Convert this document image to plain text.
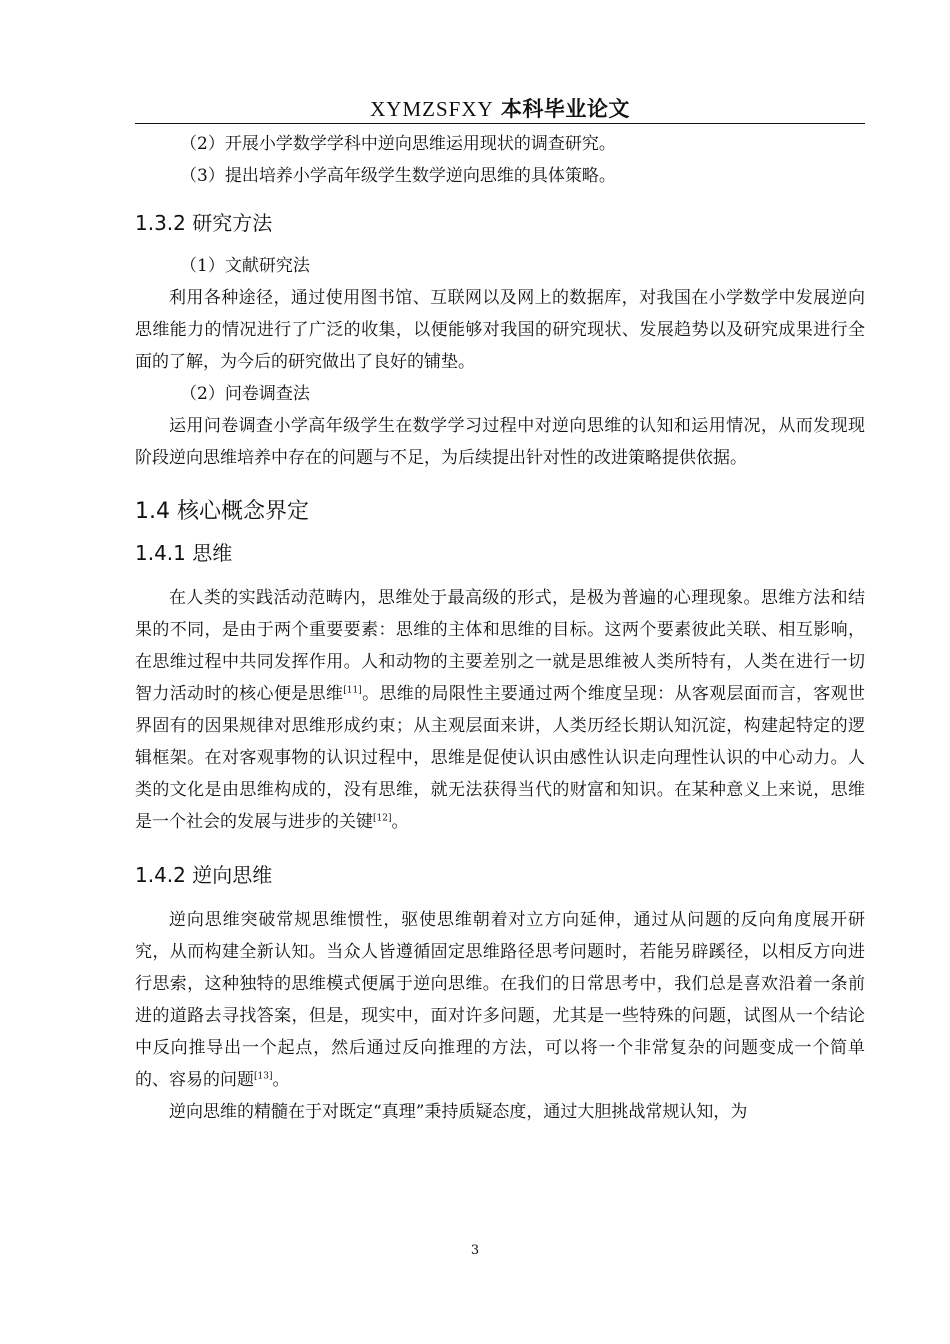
XYMZSFXY 本科毕业论文

（2）开展小学数学学科中逆向思维运用现状的调查研究。

（3）提出培养小学高年级学生数学逆向思维的具体策略。

1.3.2 研究方法

（1）文献研究法

利用各种途径，通过使用图书馆、互联网以及网上的数据库，对我国在小学数学中发展逆向思维能力的情况进行了广泛的收集，以便能够对我国的研究现状、发展趋势以及研究成果进行全面的了解，为今后的研究做出了良好的铺垫。

（2）问卷调查法

运用问卷调查小学高年级学生在数学学习过程中对逆向思维的认知和运用情况，从而发现现阶段逆向思维培养中存在的问题与不足，为后续提出针对性的改进策略提供依据。

1.4 核心概念界定
1.4.1 思维

在人类的实践活动范畴内，思维处于最高级的形式，是极为普遍的心理现象。思维方法和结果的不同，是由于两个重要要素：思维的主体和思维的目标。这两个要素彼此关联、相互影响，在思维过程中共同发挥作用。人和动物的主要差别之一就是思维被人类所特有，人类在进行一切智力活动时的核心便是思维[11]。思维的局限性主要通过两个维度呈现：从客观层面而言，客观世界固有的因果规律对思维形成约束；从主观层面来讲，人类历经长期认知沉淀，构建起特定的逻辑框架。在对客观事物的认识过程中，思维是促使认识由感性认识走向理性认识的中心动力。人类的文化是由思维构成的，没有思维，就无法获得当代的财富和知识。在某种意义上来说，思维是一个社会的发展与进步的关键[12]。

1.4.2 逆向思维

逆向思维突破常规思维惯性，驱使思维朝着对立方向延伸，通过从问题的反向角度展开研究，从而构建全新认知。当众人皆遵循固定思维路径思考问题时，若能另辟蹊径，以相反方向进行思索，这种独特的思维模式便属于逆向思维。在我们的日常思考中，我们总是喜欢沿着一条前进的道路去寻找答案，但是，现实中，面对许多问题，尤其是一些特殊的问题，试图从一个结论中反向推导出一个起点，然后通过反向推理的方法，可以将一个非常复杂的问题变成一个简单的、容易的问题[13]。

逆向思维的精髓在于对既定“真理”秉持质疑态度，通过大胆挑战常规认知，为

3
